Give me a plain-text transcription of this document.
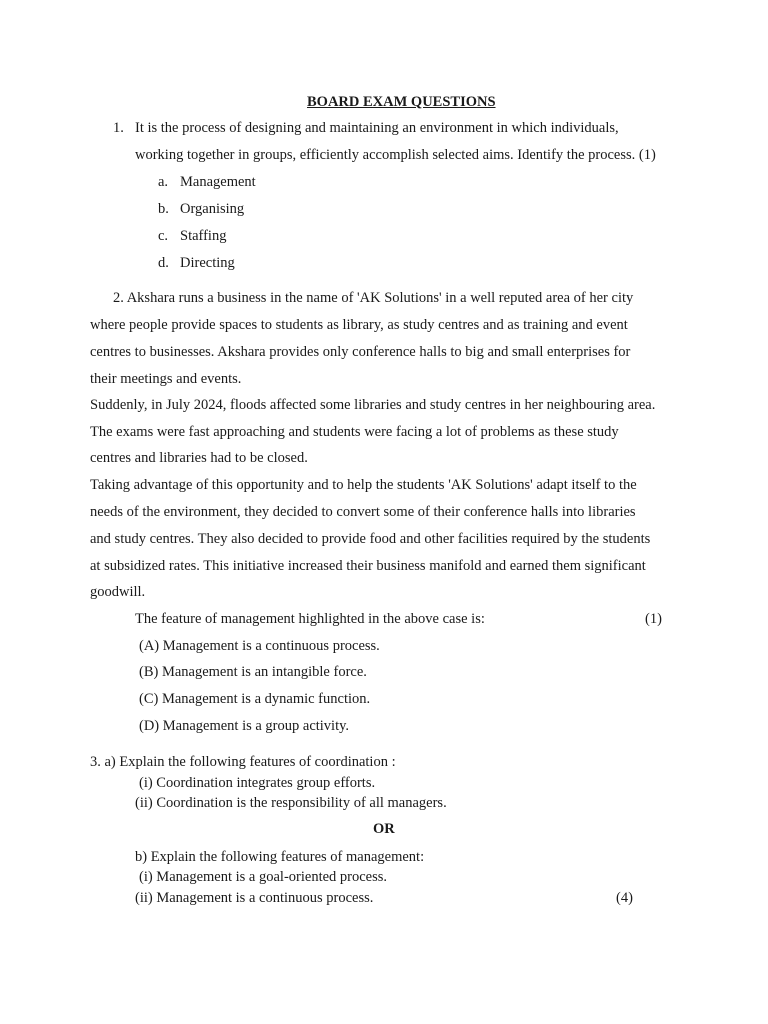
BOARD EXAM QUESTIONS
1. It is the process of designing and maintaining an environment in which individuals,
working together in groups, efficiently accomplish selected aims. Identify the process. (1)
a. Management
b. Organising
c. Staffing
d. Directing
2. Akshara runs a business in the name of 'AK Solutions' in a well reputed area of her city
where people provide spaces to students as library, as study centres and as training and event
centres to businesses. Akshara provides only conference halls to big and small enterprises for
their meetings and events.
Suddenly, in July 2024, floods affected some libraries and study centres in her neighbouring area.
The exams were fast approaching and students were facing a lot of problems as these study
centres and libraries had to be closed.
Taking advantage of this opportunity and to help the students 'AK Solutions' adapt itself to the
needs of the environment, they decided to convert some of their conference halls into libraries
and study centres. They also decided to provide food and other facilities required by the students
at subsidized rates. This initiative increased their business manifold and earned them significant
goodwill.
The feature of management highlighted in the above case is:	(1)
(A) Management is a continuous process.
(B) Management is an intangible force.
(C) Management is a dynamic function.
(D) Management is a group activity.
3. a) Explain the following features of coordination :
(i) Coordination integrates group efforts.
(ii) Coordination is the responsibility of all managers.
OR
b) Explain the following features of management:
(i) Management is a goal-oriented process.
(ii) Management is a continuous process.	(4)
